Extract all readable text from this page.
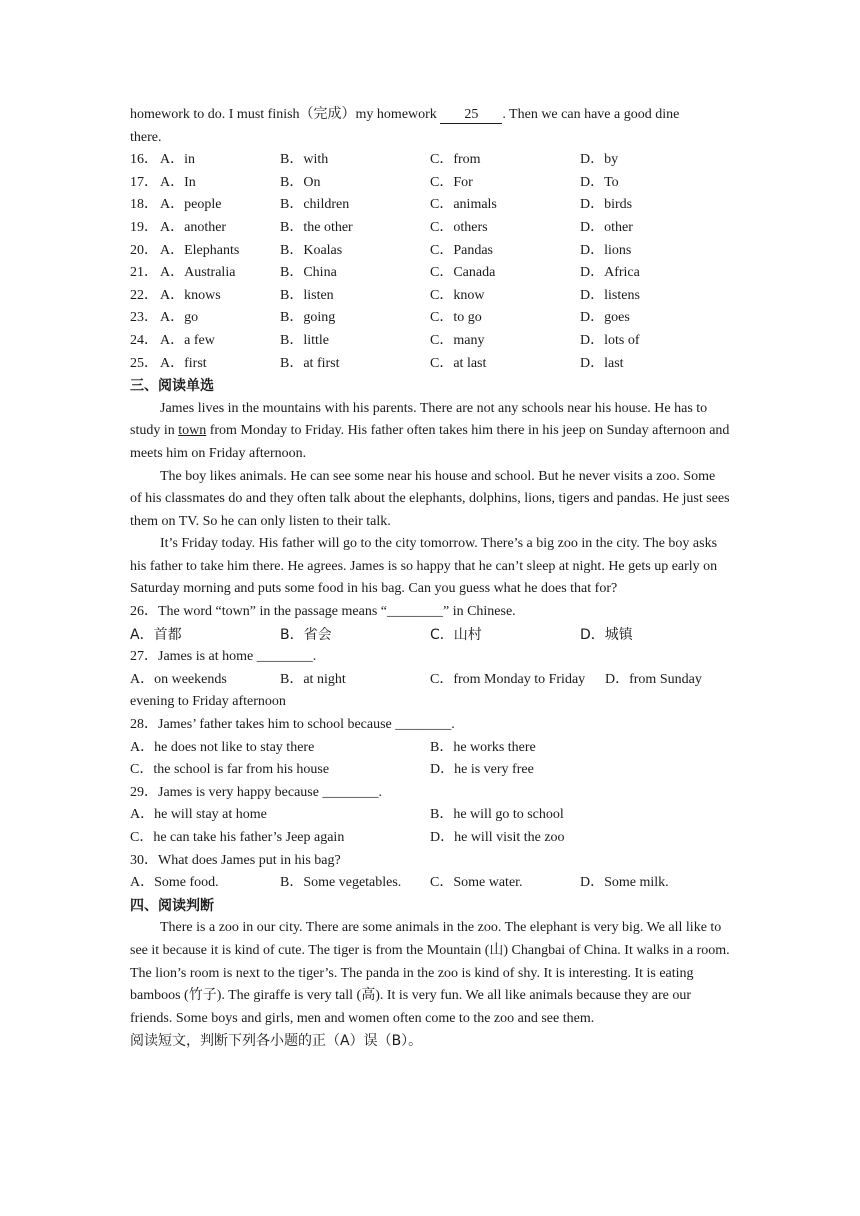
homework to do. I must finish（完成）my homework 25 . Then we can have a good dine
there.
16． A．in	B．with	C．from	D．by
17． A．In	B．On	C．For	D．To
18． A．people	B．children	C．animals	D．birds
19． A．another	B．the other	C．others	D．other
20． A．Elephants	B．Koalas	C．Pandas	D．lions
21． A．Australia	B．China	C．Canada	D．Africa
22． A．knows	B．listen	C．know	D．listens
23． A．go	B．going	C．to go	D．goes
24． A．a few	B．little	C．many	D．lots of
25． A．first	B．at first	C．at last	D．last
三、阅读单选
James lives in the mountains with his parents. There are not any schools near his house. He has to study in town from Monday to Friday. His father often takes him there in his jeep on Sunday afternoon and meets him on Friday afternoon.
The boy likes animals. He can see some near his house and school. But he never visits a zoo. Some of his classmates do and they often talk about the elephants, dolphins, lions, tigers and pandas. He just sees them on TV. So he can only listen to their talk.
It’s Friday today. His father will go to the city tomorrow. There’s a big zoo in the city. The boy asks his father to take him there. He agrees. James is so happy that he can’t sleep at night. He gets up early on Saturday morning and puts some food in his bag. Can you guess what he does that for?
26．The word “town” in the passage means “________” in Chinese.
A．首都	B．省会	C．山村	D．城镇
27．James is at home ________.
A．on weekends	B．at night	C．from Monday to Friday	D．from Sunday
evening to Friday afternoon
28．James’ father takes him to school because ________.
A．he does not like to stay there	B．he works there
C．the school is far from his house	D．he is very free
29．James is very happy because ________.
A．he will stay at home	B．he will go to school
C．he can take his father’s Jeep again	D．he will visit the zoo
30．What does James put in his bag?
A．Some food.	B．Some vegetables.	C．Some water.	D．Some milk.
四、阅读判断
There is a zoo in our city. There are some animals in the zoo. The elephant is very big. We all like to see it because it is kind of cute. The tiger is from the Mountain (山) Changbai of China. It walks in a room. The lion’s room is next to the tiger’s. The panda in the zoo is kind of shy. It is interesting. It is eating bamboos (竹子). The giraffe is very tall (高). It is very fun. We all like animals because they are our friends. Some boys and girls, men and women often come to the zoo and see them.
阅读短文，判断下列各小题的正（A）误（B）。
